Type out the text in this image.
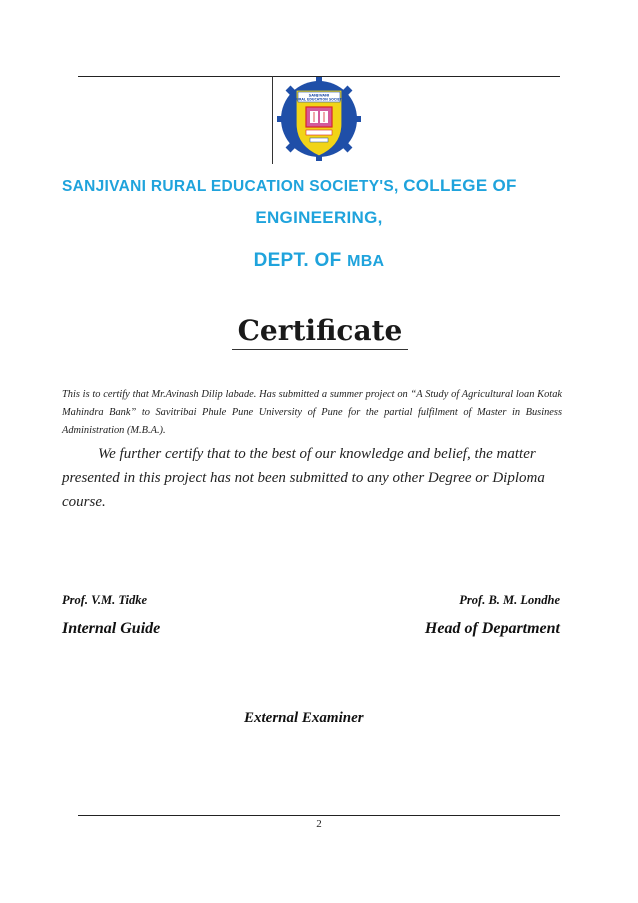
SANJIVANI
RURAL EDUCATION SOCIETY
SANJIVANI RURAL EDUCATION SOCIETY'S, COLLEGE OF
ENGINEERING,
DEPT. OF MBA
Certificate
This is to certify that Mr.Avinash Dilip labade. Has submitted a summer project on “A Study of Agricultural loan Kotak Mahindra Bank” to Savitribai Phule Pune University of Pune for the partial fulfilment of Master in Business Administration (M.B.A.).
We further certify that to the best of our knowledge and belief, the matter presented in this project has not been submitted to any other Degree or Diploma course.
Prof. V.M. Tidke
Internal Guide
Prof. B. M. Londhe
Head of Department
External Examiner
2
